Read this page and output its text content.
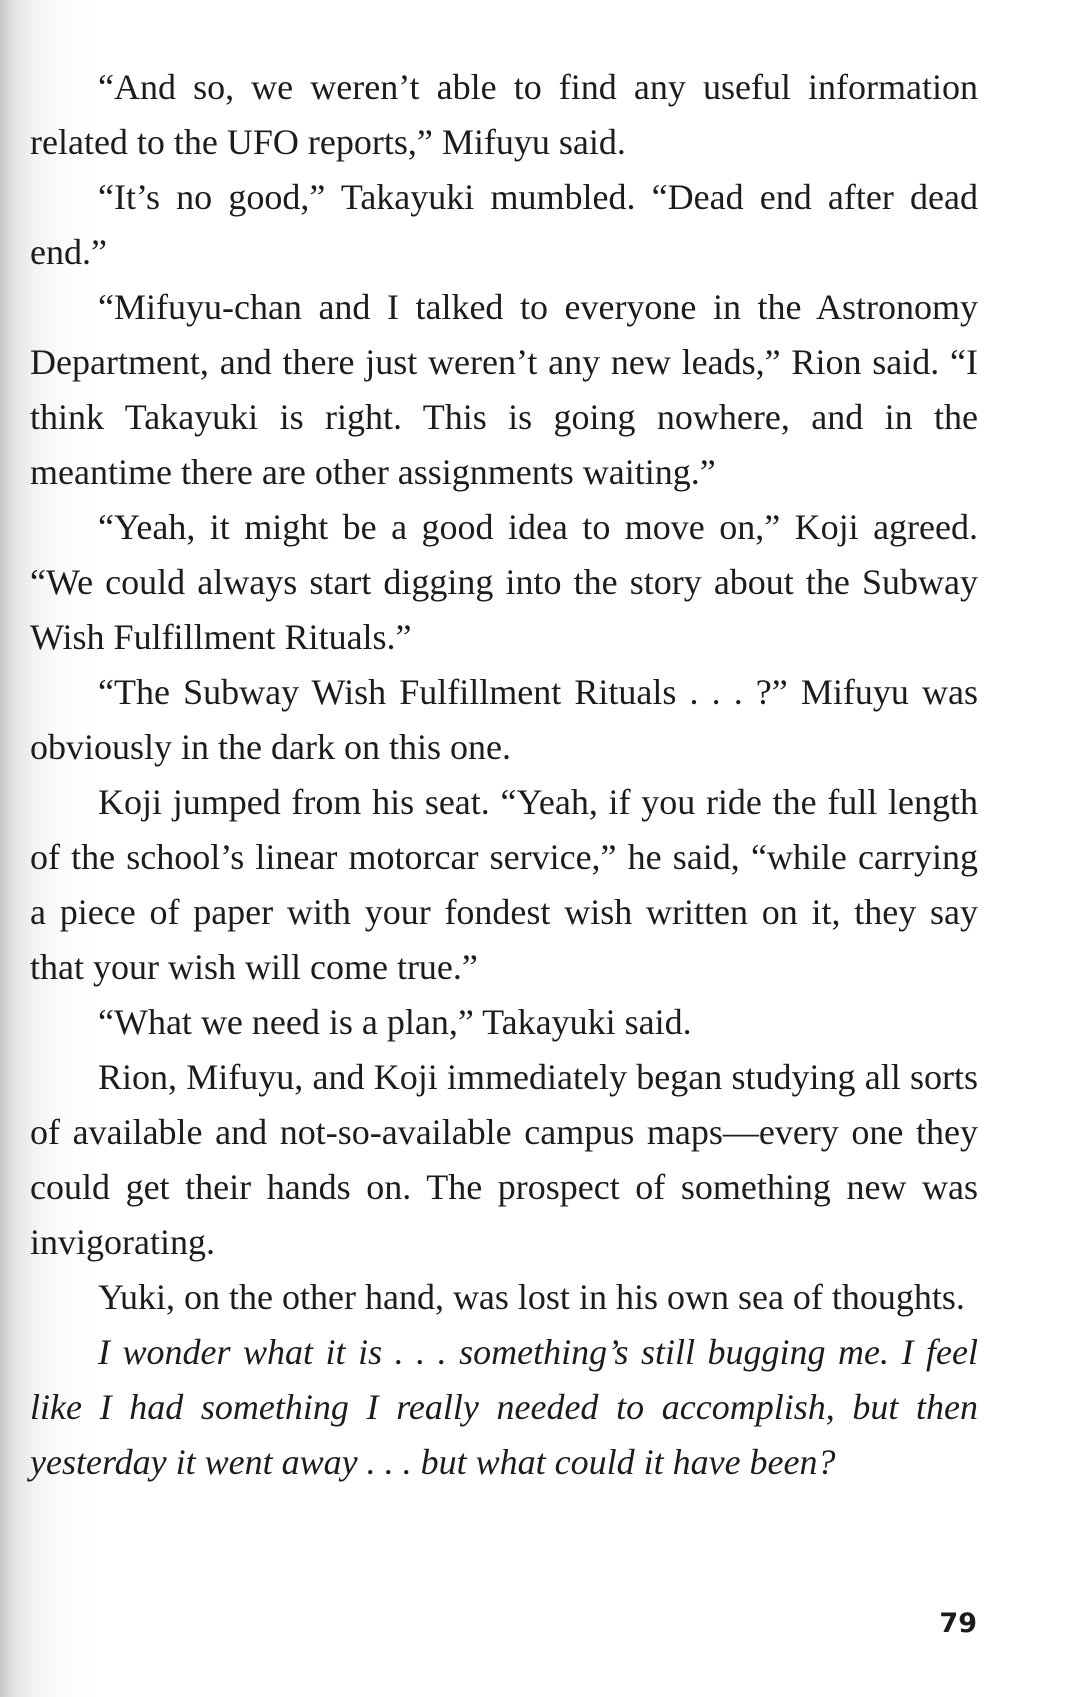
“And so, we weren’t able to find any useful information related to the UFO reports,” Mifuyu said.

“It’s no good,” Takayuki mumbled. “Dead end after dead end.”

“Mifuyu-chan and I talked to everyone in the Astronomy Department, and there just weren’t any new leads,” Rion said. “I think Takayuki is right. This is going nowhere, and in the meantime there are other assignments waiting.”

“Yeah, it might be a good idea to move on,” Koji agreed. “We could always start digging into the story about the Subway Wish Fulfillment Rituals.”

“The Subway Wish Fulfillment Rituals . . . ?” Mifuyu was obviously in the dark on this one.

Koji jumped from his seat. “Yeah, if you ride the full length of the school’s linear motorcar service,” he said, “while carrying a piece of paper with your fondest wish written on it, they say that your wish will come true.”

“What we need is a plan,” Takayuki said.

Rion, Mifuyu, and Koji immediately began studying all sorts of available and not-so-available campus maps—every one they could get their hands on. The prospect of something new was invigorating.

Yuki, on the other hand, was lost in his own sea of thoughts.

I wonder what it is . . . something’s still bugging me. I feel like I had something I really needed to accomplish, but then yesterday it went away . . . but what could it have been?

79
